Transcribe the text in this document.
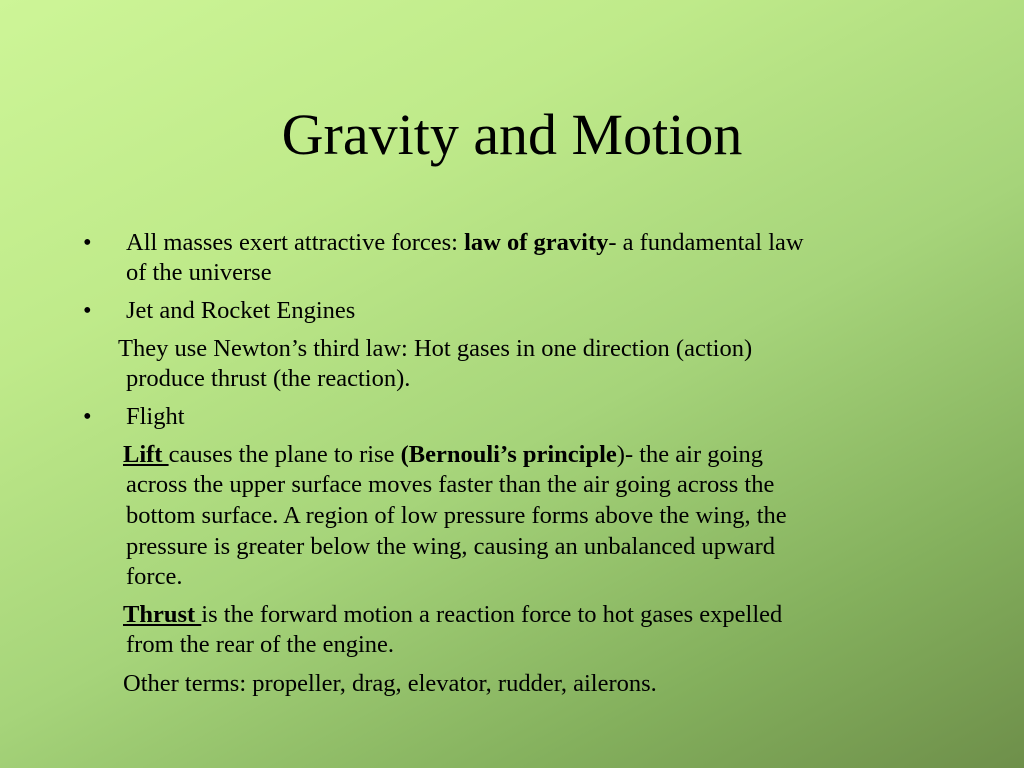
Gravity and Motion
• All masses exert attractive forces: law of gravity- a fundamental law
of the universe
• Jet and Rocket Engines
They use Newton’s third law: Hot gases in one direction (action)
produce thrust (the reaction).
• Flight
Lift causes the plane to rise (Bernouli’s principle)- the air going
across the upper surface moves faster than the air going across the
bottom surface. A region of low pressure forms above the wing, the
pressure is greater below the wing, causing an unbalanced upward
force.
Thrust is the forward motion a reaction force to hot gases expelled
from the rear of the engine.
Other terms: propeller, drag, elevator, rudder, ailerons.
